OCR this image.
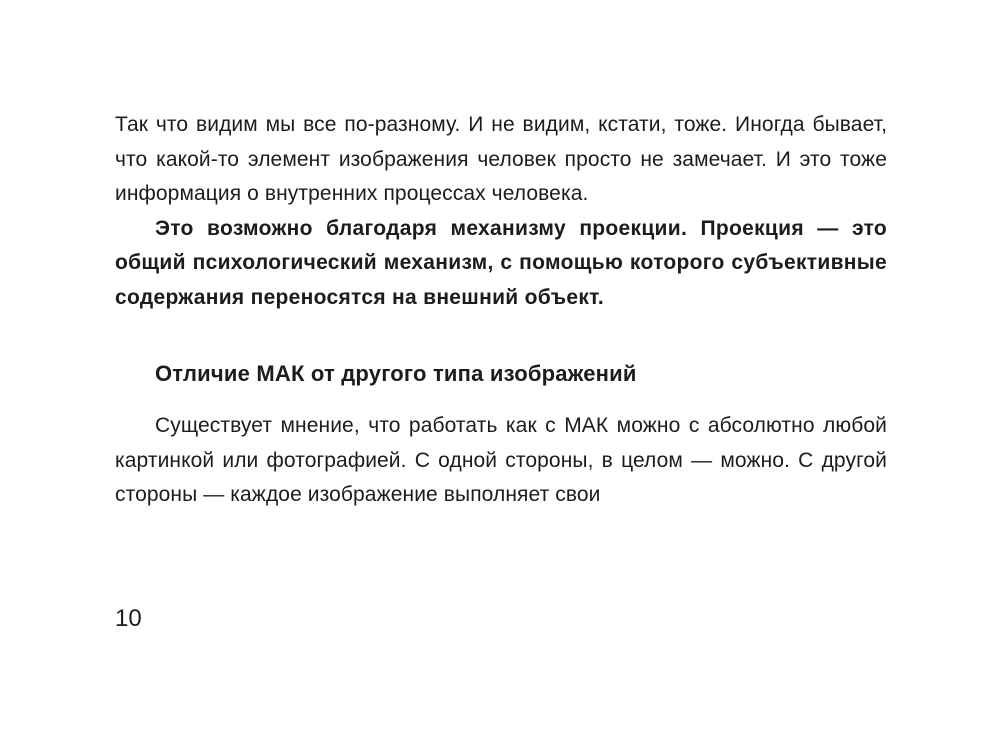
Так что видим мы все по-разному. И не видим, кстати, тоже. Иногда бывает, что какой-то элемент изображения человек просто не замечает. И это тоже информация о внутренних процессах человека.

Это возможно благодаря механизму проекции. Проекция — это общий психологический механизм, с помощью которого субъективные содержания переносятся на внешний объект.

Отличие МАК от другого типа изображений

Существует мнение, что работать как с МАК можно с абсолютно любой картинкой или фотографией. С одной стороны, в целом — можно. С другой стороны — каждое изображение выполняет свои

10
